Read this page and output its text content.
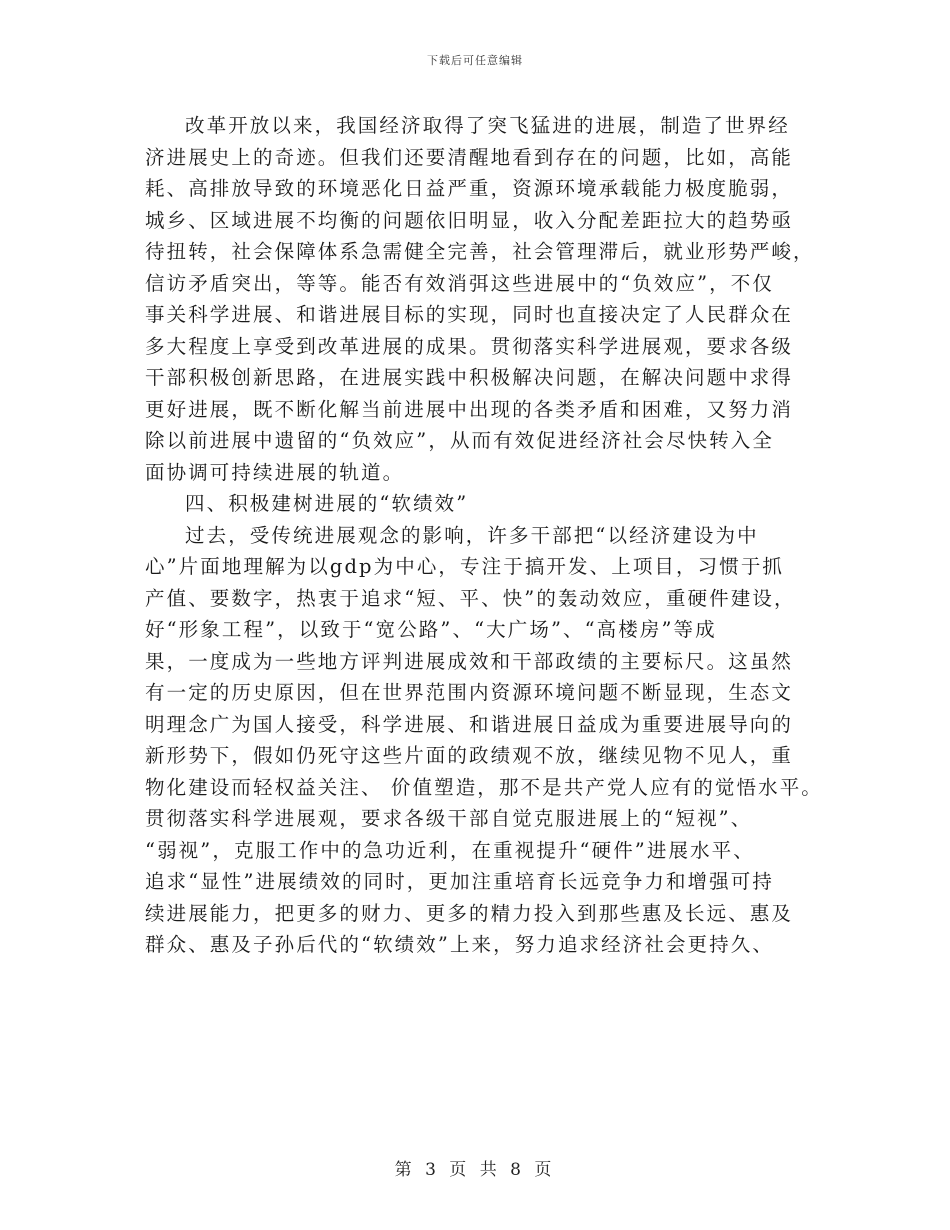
下载后可任意编辑
改革开放以来，我国经济取得了突飞猛进的进展，制造了世界经
济进展史上的奇迹。但我们还要清醒地看到存在的问题，比如，高能
耗、高排放导致的环境恶化日益严重，资源环境承载能力极度脆弱，
城乡、区域进展不均衡的问题依旧明显，收入分配差距拉大的趋势亟
待扭转，社会保障体系急需健全完善，社会管理滞后，就业形势严峻，
信访矛盾突出，等等。能否有效消弭这些进展中的“负效应”，不仅
事关科学进展、和谐进展目标的实现，同时也直接决定了人民群众在
多大程度上享受到改革进展的成果。贯彻落实科学进展观，要求各级
干部积极创新思路，在进展实践中积极解决问题，在解决问题中求得
更好进展，既不断化解当前进展中出现的各类矛盾和困难，又努力消
除以前进展中遗留的“负效应”，从而有效促进经济社会尽快转入全
面协调可持续进展的轨道。
四、积极建树进展的“软绩效”
过去，受传统进展观念的影响，许多干部把“以经济建设为中
心”片面地理解为以gdp为中心，专注于搞开发、上项目，习惯于抓
产值、要数字，热衷于追求“短、平、快”的轰动效应，重硬件建设，
好“形象工程”，以致于“宽公路”、“大广场”、“高楼房”等成
果，一度成为一些地方评判进展成效和干部政绩的主要标尺。这虽然
有一定的历史原因，但在世界范围内资源环境问题不断显现，生态文
明理念广为国人接受，科学进展、和谐进展日益成为重要进展导向的
新形势下，假如仍死守这些片面的政绩观不放，继续见物不见人，重
物化建设而轻权益关注、 价值塑造，那不是共产党人应有的觉悟水平。
贯彻落实科学进展观，要求各级干部自觉克服进展上的“短视”、
“弱视”，克服工作中的急功近利，在重视提升“硬件”进展水平、
追求“显性”进展绩效的同时，更加注重培育长远竞争力和增强可持
续进展能力，把更多的财力、更多的精力投入到那些惠及长远、惠及
群众、惠及子孙后代的“软绩效”上来，努力追求经济社会更持久、
第 3 页 共 8 页
